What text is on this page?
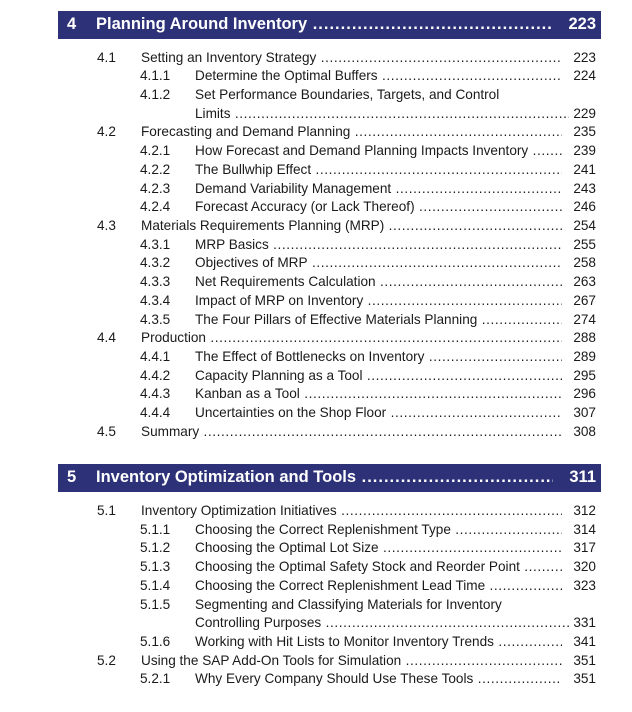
4 Planning Around Inventory .....	223
4.1 Setting an Inventory Strategy .....	223
4.1.1 Determine the Optimal Buffers .....	224
4.1.2 Set Performance Boundaries, Targets, and Control
Limits .....	229
4.2 Forecasting and Demand Planning .....	235
4.2.1 How Forecast and Demand Planning Impacts Inventory .....	239
4.2.2 The Bullwhip Effect .....	241
4.2.3 Demand Variability Management .....	243
4.2.4 Forecast Accuracy (or Lack Thereof) .....	246
4.3 Materials Requirements Planning (MRP) .....	254
4.3.1 MRP Basics .....	255
4.3.2 Objectives of MRP .....	258
4.3.3 Net Requirements Calculation .....	263
4.3.4 Impact of MRP on Inventory .....	267
4.3.5 The Four Pillars of Effective Materials Planning .....	274
4.4 Production .....	288
4.4.1 The Effect of Bottlenecks on Inventory .....	289
4.4.2 Capacity Planning as a Tool .....	295
4.4.3 Kanban as a Tool .....	296
4.4.4 Uncertainties on the Shop Floor .....	307
4.5 Summary .....	308
5 Inventory Optimization and Tools .....	311
5.1 Inventory Optimization Initiatives .....	312
5.1.1 Choosing the Correct Replenishment Type .....	314
5.1.2 Choosing the Optimal Lot Size .....	317
5.1.3 Choosing the Optimal Safety Stock and Reorder Point .....	320
5.1.4 Choosing the Correct Replenishment Lead Time .....	323
5.1.5 Segmenting and Classifying Materials for Inventory
Controlling Purposes .....	331
5.1.6 Working with Hit Lists to Monitor Inventory Trends .....	341
5.2 Using the SAP Add-On Tools for Simulation .....	351
5.2.1 Why Every Company Should Use These Tools .....	351
